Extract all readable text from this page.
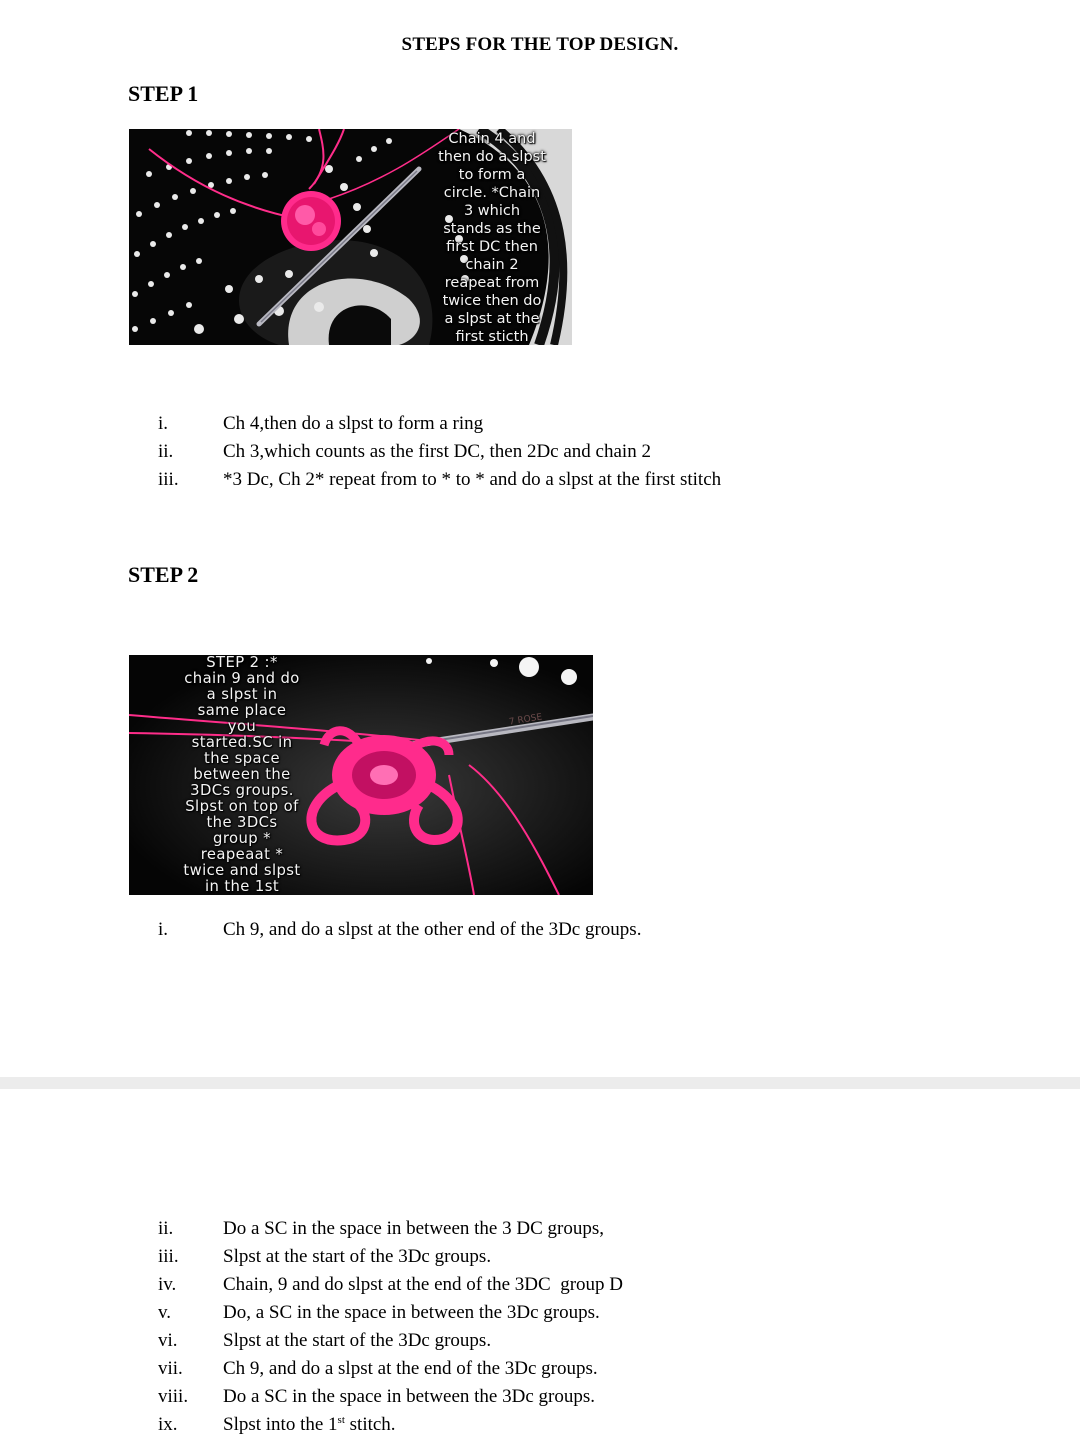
STEPS FOR THE TOP DESIGN.
STEP 1
Chain 4 and
then do a slpst
to form a
circle. *Chain
3 which
stands as the
first DC then
chain 2
reapeat from
twice then do
a slpst at the
first sticth
i.	Ch 4,then do a slpst to form a ring
ii.	Ch 3,which counts as the first DC, then 2Dc and chain 2
iii. *3 Dc, Ch 2* repeat from to * to * and do a slpst at the first stitch
STEP 2
7 ROSE
STEP 2 :*
chain 9 and do
a slpst in
same place
you
started.SC in
the space
between the
3DCs groups.
Slpst on top of
the 3DCs
group *
reapeaat *
twice and slpst
in the 1st
i.	Ch 9, and do a slpst at the other end of the 3Dc groups.
ii.	Do a SC in the space in between the 3 DC groups,
iii. Slpst at the start of the 3Dc groups.
iv. Chain, 9 and do slpst at the end of the 3DC  group D
v.	Do, a SC in the space in between the 3Dc groups.
vi. Slpst at the start of the 3Dc groups.
vii. Ch 9, and do a slpst at the end of the 3Dc groups.
viii. Do a SC in the space in between the 3Dc groups.
ix. Slpst into the 1st stitch.
